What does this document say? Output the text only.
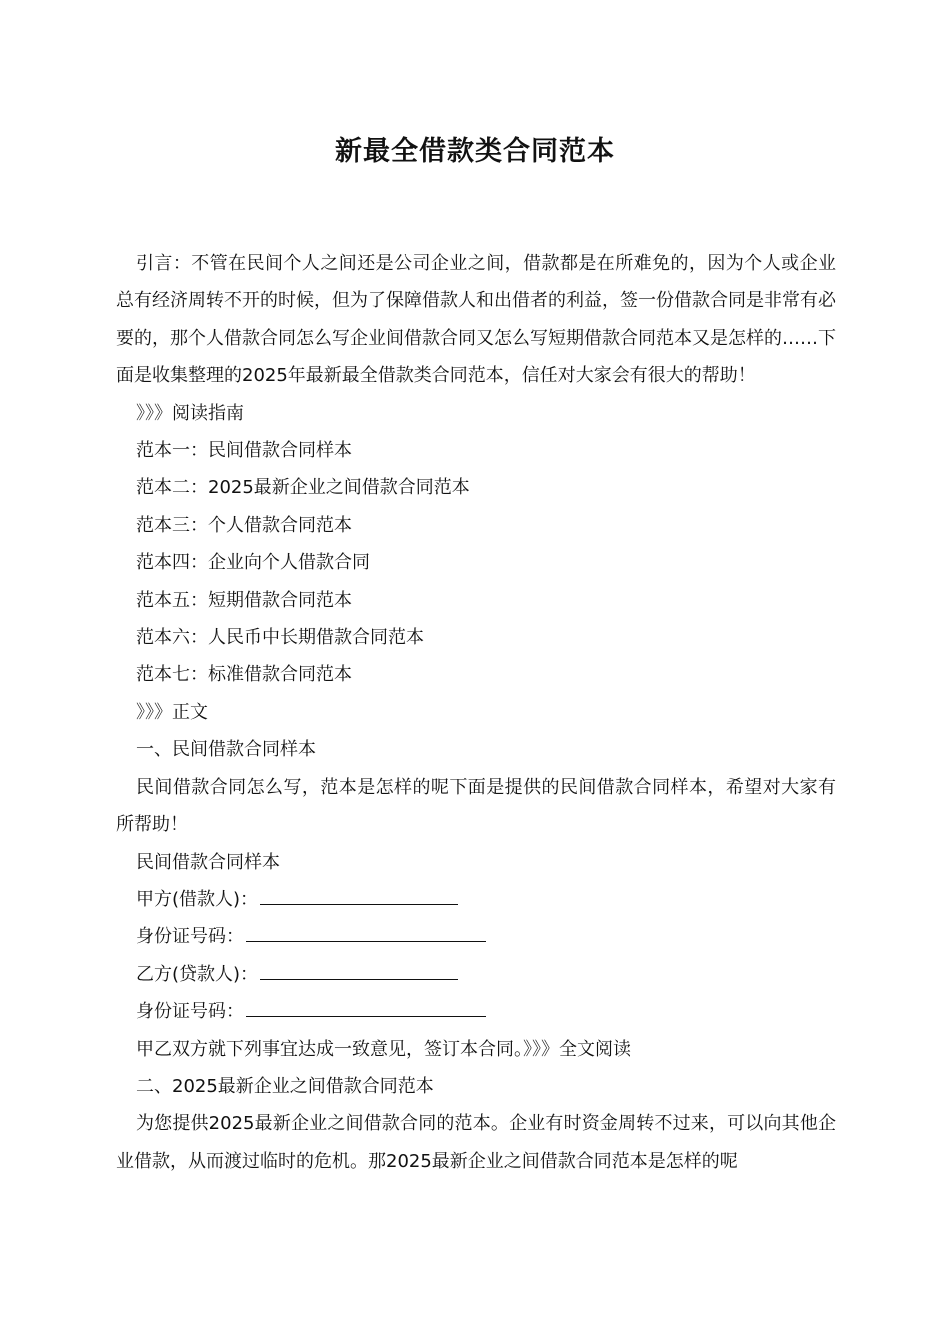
新最全借款类合同范本

引言：不管在民间个人之间还是公司企业之间，借款都是在所难免的，因为个人或企业总有经济周转不开的时候，但为了保障借款人和出借者的利益，签一份借款合同是非常有必要的，那个人借款合同怎么写企业间借款合同又怎么写短期借款合同范本又是怎样的……下面是收集整理的2025年最新最全借款类合同范本，信任对大家会有很大的帮助！

》》》阅读指南

范本一：民间借款合同样本

范本二：2025最新企业之间借款合同范本

范本三：个人借款合同范本

范本四：企业向个人借款合同

范本五：短期借款合同范本

范本六：人民币中长期借款合同范本

范本七：标准借款合同范本

》》》正文

一、民间借款合同样本

民间借款合同怎么写，范本是怎样的呢下面是提供的民间借款合同样本，希望对大家有所帮助！

民间借款合同样本

甲方(借款人)：

身份证号码：

乙方(贷款人)：

身份证号码：

甲乙双方就下列事宜达成一致意见，签订本合同。》》》全文阅读

二、2025最新企业之间借款合同范本

为您提供2025最新企业之间借款合同的范本。企业有时资金周转不过来，可以向其他企业借款，从而渡过临时的危机。那2025最新企业之间借款合同范本是怎样的呢
